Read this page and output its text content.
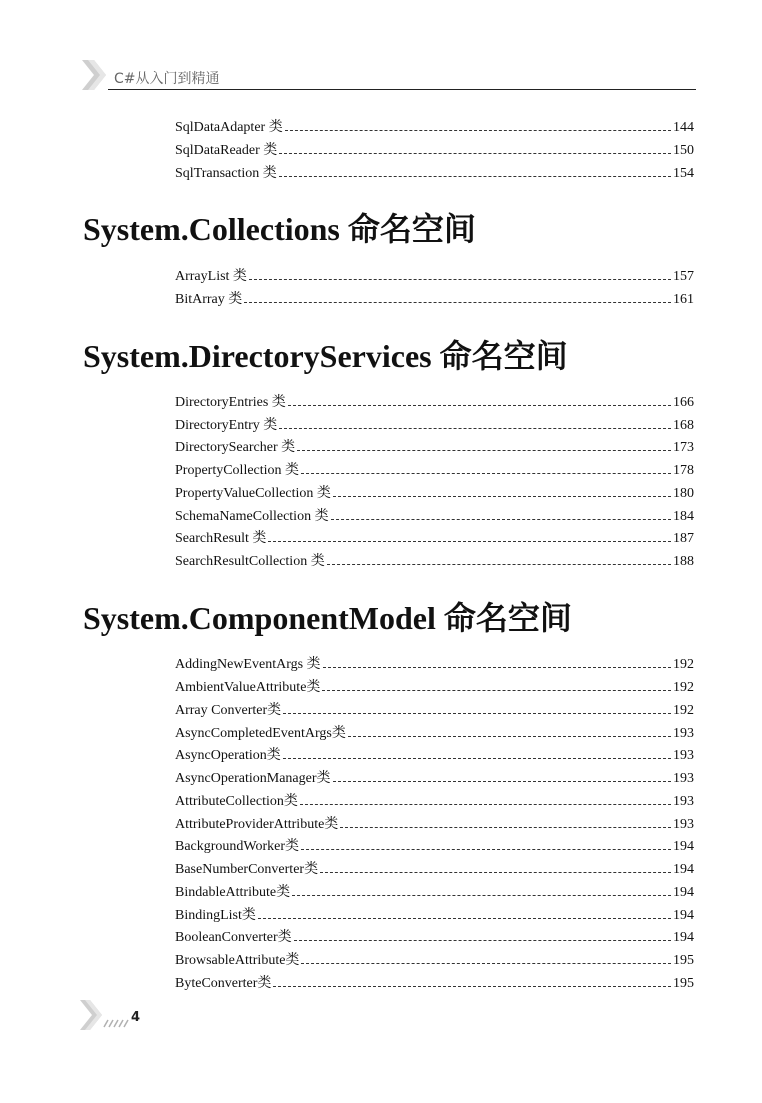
C#从入门到精通
SqlDataAdapter 类	144
SqlDataReader 类	150
SqlTransaction 类	154
System.Collections 命名空间
ArrayList 类	157
BitArray 类	161
System.DirectoryServices 命名空间
DirectoryEntries 类	166
DirectoryEntry 类	168
DirectorySearcher 类	173
PropertyCollection 类	178
PropertyValueCollection 类	180
SchemaNameCollection 类	184
SearchResult 类	187
SearchResultCollection 类	188
System.ComponentModel 命名空间
AddingNewEventArgs 类	192
AmbientValueAttribute类	192
Array Converter类	192
AsyncCompletedEventArgs类	193
AsyncOperation类	193
AsyncOperationManager类	193
AttributeCollection类	193
AttributeProviderAttribute类	193
BackgroundWorker类	194
BaseNumberConverter类	194
BindableAttribute类	194
BindingList类	194
BooleanConverter类	194
BrowsableAttribute类	195
ByteConverter类	195
4
